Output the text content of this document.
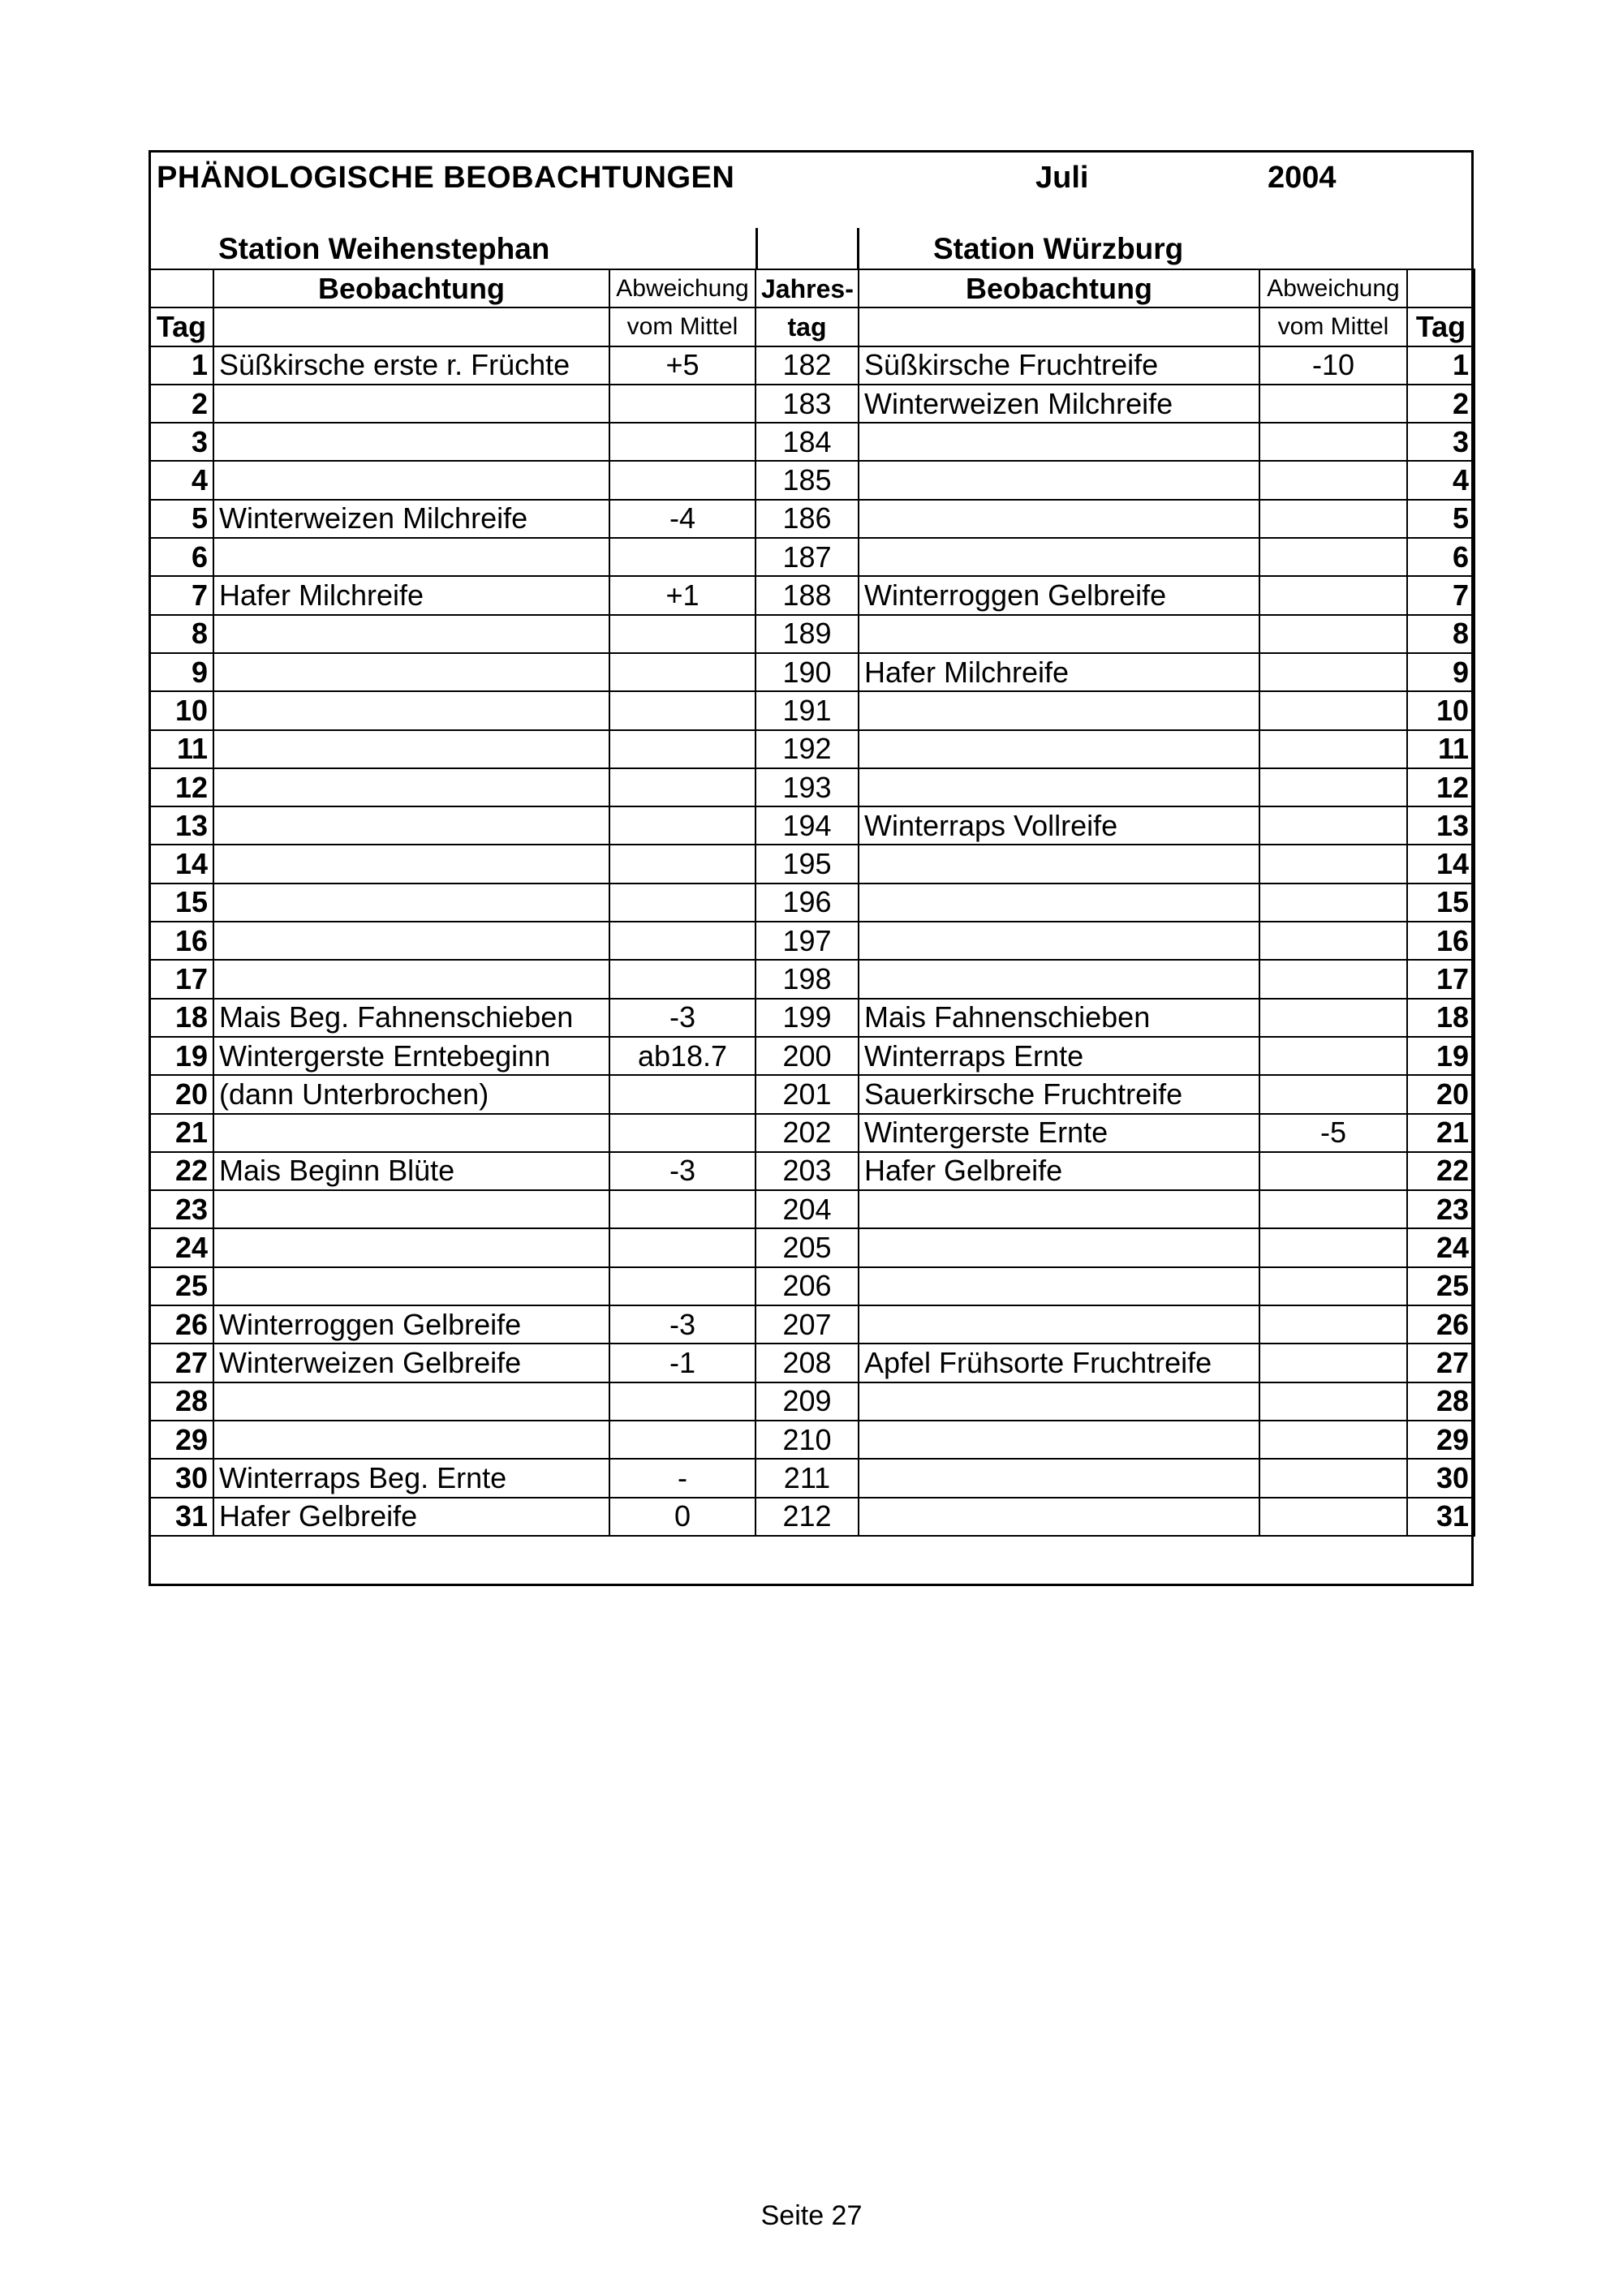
PHÄNOLOGISCHE BEOBACHTUNGEN	Juli	2004
Station Weihenstephan	Station Würzburg
	Beobachtung	Abweichung	Jahres-	Beobachtung	Abweichung	
Tag		vom Mittel	tag		vom Mittel	Tag
1	Süßkirsche erste r. Früchte	+5	182	Süßkirsche Fruchtreife	-10	1
2			183	Winterweizen Milchreife		2
3			184			3
4			185			4
5	Winterweizen Milchreife	-4	186			5
6			187			6
7	Hafer Milchreife	+1	188	Winterroggen Gelbreife		7
8			189			8
9			190	Hafer Milchreife		9
10			191			10
11			192			11
12			193			12
13			194	Winterraps Vollreife		13
14			195			14
15			196			15
16			197			16
17			198			17
18	Mais Beg. Fahnenschieben	-3	199	Mais Fahnenschieben		18
19	Wintergerste Erntebeginn	ab18.7	200	Winterraps Ernte		19
20	(dann Unterbrochen)		201	Sauerkirsche Fruchtreife		20
21			202	Wintergerste Ernte	-5	21
22	Mais Beginn Blüte	-3	203	Hafer Gelbreife		22
23			204			23
24			205			24
25			206			25
26	Winterroggen Gelbreife	-3	207			26
27	Winterweizen Gelbreife	-1	208	Apfel Frühsorte Fruchtreife		27
28			209			28
29			210			29
30	Winterraps Beg. Ernte	-	211			30
31	Hafer Gelbreife	0	212			31
Seite 27
